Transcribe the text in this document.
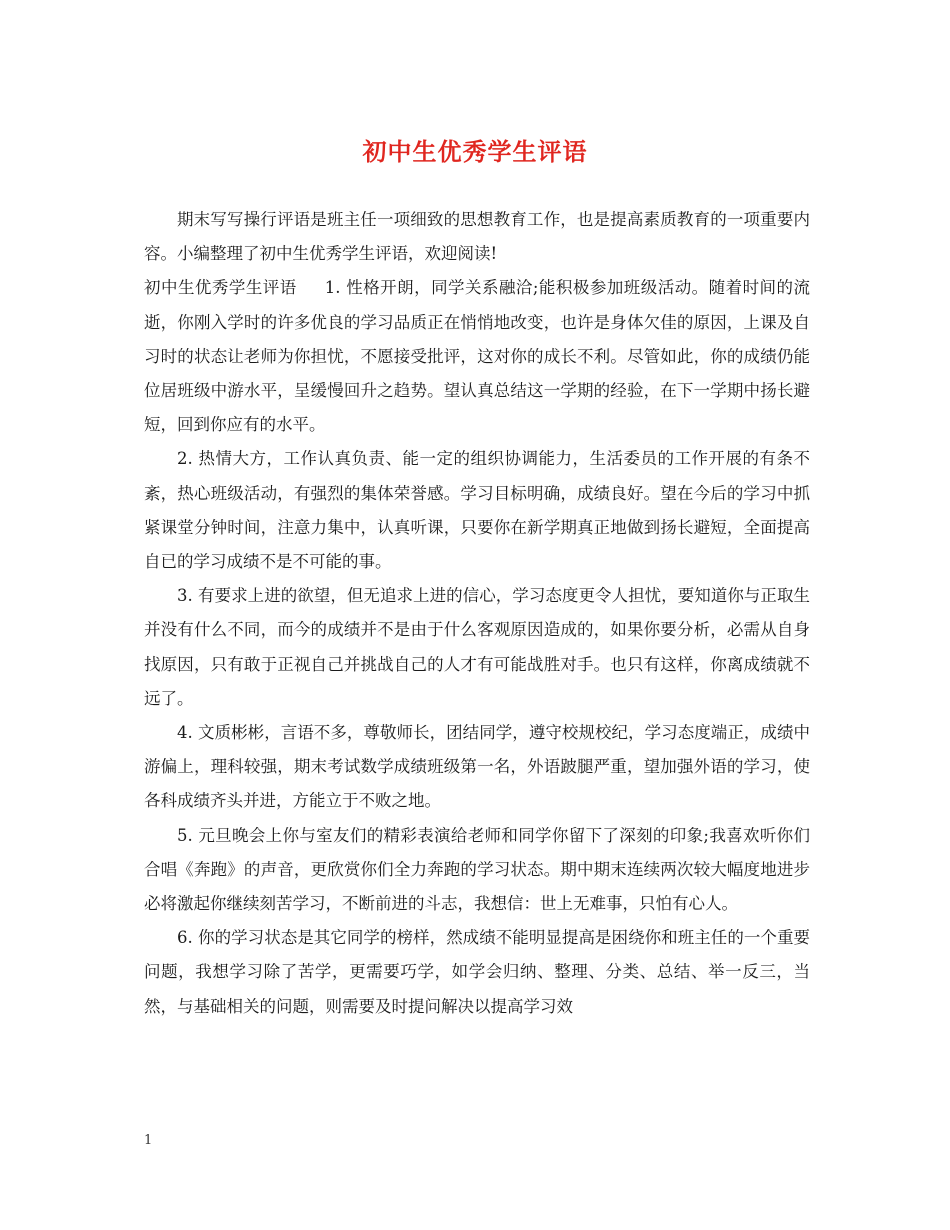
初中生优秀学生评语

期末写写操行评语是班主任一项细致的思想教育工作，也是提高素质教育的一项重要内容。小编整理了初中生优秀学生评语，欢迎阅读!

初中生优秀学生评语 1. 性格开朗，同学关系融洽;能积极参加班级活动。随着时间的流逝，你刚入学时的许多优良的学习品质正在悄悄地改变，也许是身体欠佳的原因，上课及自习时的状态让老师为你担忧，不愿接受批评，这对你的成长不利。尽管如此，你的成绩仍能位居班级中游水平，呈缓慢回升之趋势。望认真总结这一学期的经验，在下一学期中扬长避短，回到你应有的水平。

2. 热情大方，工作认真负责、能一定的组织协调能力，生活委员的工作开展的有条不紊，热心班级活动，有强烈的集体荣誉感。学习目标明确，成绩良好。望在今后的学习中抓紧课堂分钟时间，注意力集中，认真听课，只要你在新学期真正地做到扬长避短，全面提高自已的学习成绩不是不可能的事。

3. 有要求上进的欲望，但无追求上进的信心，学习态度更令人担忧，要知道你与正取生并没有什么不同，而今的成绩并不是由于什么客观原因造成的，如果你要分析，必需从自身找原因，只有敢于正视自己并挑战自己的人才有可能战胜对手。也只有这样，你离成绩就不远了。

4. 文质彬彬，言语不多，尊敬师长，团结同学，遵守校规校纪，学习态度端正，成绩中游偏上，理科较强，期末考试数学成绩班级第一名，外语跛腿严重，望加强外语的学习，使各科成绩齐头并进，方能立于不败之地。

5. 元旦晚会上你与室友们的精彩表演给老师和同学你留下了深刻的印象;我喜欢听你们合唱《奔跑》的声音，更欣赏你们全力奔跑的学习状态。期中期末连续两次较大幅度地进步必将激起你继续刻苦学习，不断前进的斗志，我想信：世上无难事，只怕有心人。

6. 你的学习状态是其它同学的榜样，然成绩不能明显提高是困绕你和班主任的一个重要问题，我想学习除了苦学，更需要巧学，如学会归纳、整理、分类、总结、举一反三，当然，与基础相关的问题，则需要及时提问解决以提高学习效

1
